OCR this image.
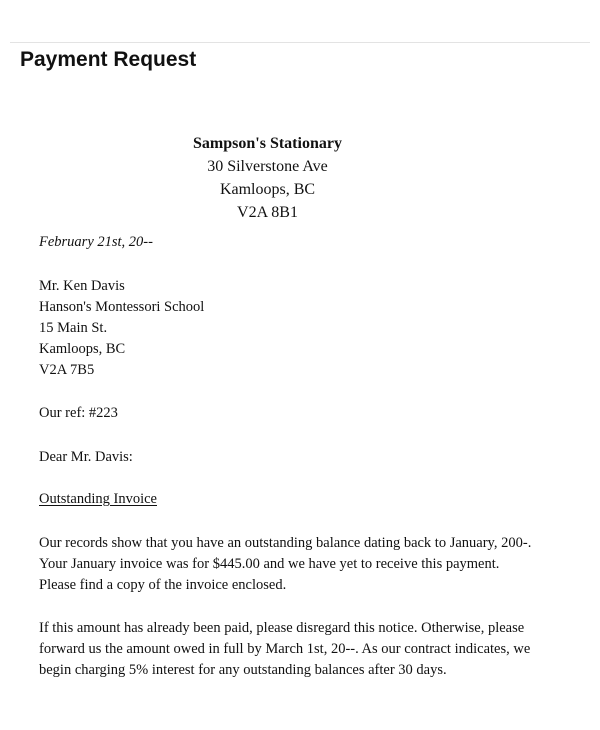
Payment Request
Sampson's Stationary
30 Silverstone Ave
Kamloops, BC
V2A 8B1
February 21st, 20--
Mr. Ken Davis
Hanson's Montessori School
15 Main St.
Kamloops, BC
V2A 7B5
Our ref: #223
Dear Mr. Davis:
Outstanding Invoice
Our records show that you have an outstanding balance dating back to January, 200-.
Your January invoice was for $445.00 and we have yet to receive this payment.
Please find a copy of the invoice enclosed.
If this amount has already been paid, please disregard this notice. Otherwise, please
forward us the amount owed in full by March 1st, 20--. As our contract indicates, we
begin charging 5% interest for any outstanding balances after 30 days.
